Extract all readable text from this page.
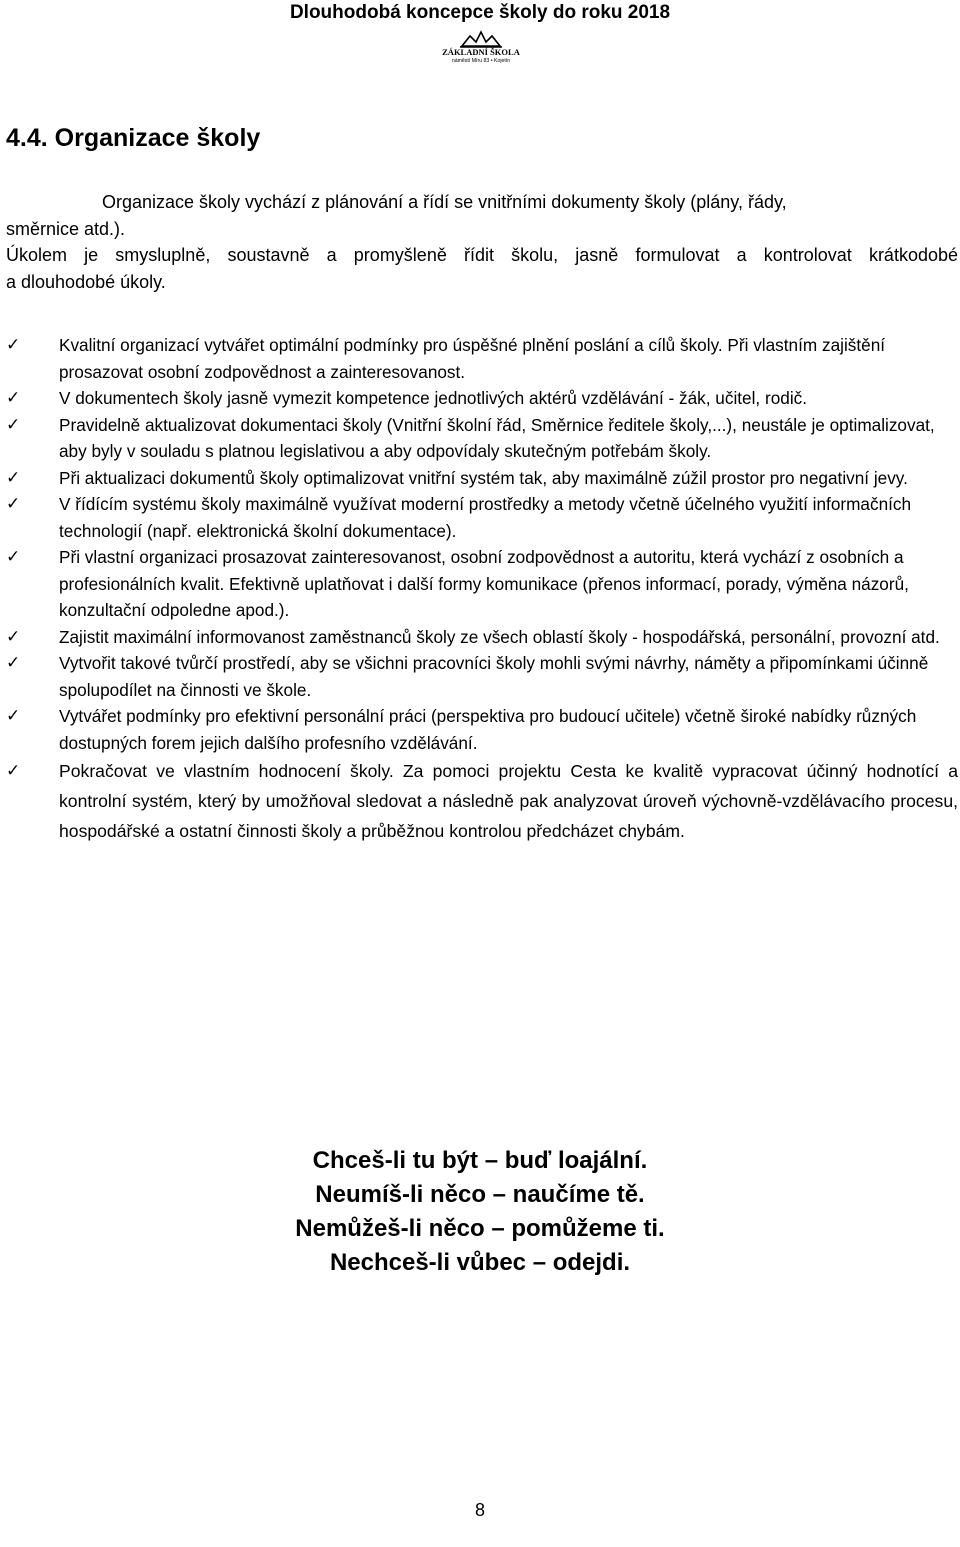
Dlouhodobá koncepce školy do roku 2018
ZÁKLADNÍ ŠKOLA
náměstí Míru 83 • Kojetín
4.4. Organizace školy

Organizace školy vychází z plánování a řídí se vnitřními dokumenty školy (plány, řády,

směrnice atd.).

Úkolem je smysluplně, soustavně a promyšleně řídit školu, jasně formulovat a kontrolovat krátkodobé

a dlouhodobé úkoly.

✓ Kvalitní organizací vytvářet optimální podmínky pro úspěšné plnění poslání a cílů školy. Při vlastním zajištění prosazovat osobní zodpovědnost a zainteresovanost.
✓ V dokumentech školy jasně vymezit kompetence jednotlivých aktérů vzdělávání - žák, učitel, rodič.
✓ Pravidelně aktualizovat dokumentaci školy (Vnitřní školní řád, Směrnice ředitele školy,...), neustále je optimalizovat, aby byly v souladu s platnou legislativou a aby odpovídaly skutečným potřebám školy.
✓ Při aktualizaci dokumentů školy optimalizovat vnitřní systém tak, aby maximálně zúžil prostor pro negativní jevy.
✓ V řídícím systému školy maximálně využívat moderní prostředky a metody včetně účelného využití informačních technologií (např. elektronická školní dokumentace).
✓ Při vlastní organizaci prosazovat zainteresovanost, osobní zodpovědnost a autoritu, která vychází z osobních a profesionálních kvalit. Efektivně uplatňovat i další formy komunikace (přenos informací, porady, výměna názorů, konzultační odpoledne apod.).
✓ Zajistit maximální informovanost zaměstnanců školy ze všech oblastí školy - hospodářská, personální, provozní atd.
✓ Vytvořit takové tvůrčí prostředí, aby se všichni pracovníci školy mohli svými návrhy, náměty a připomínkami účinně spolupodílet na činnosti ve škole.
✓ Vytvářet podmínky pro efektivní personální práci (perspektiva pro budoucí učitele) včetně široké nabídky různých dostupných forem jejich dalšího profesního vzdělávání.
✓ Pokračovat ve vlastním hodnocení školy. Za pomoci projektu Cesta ke kvalitě vypracovat účinný hodnotící a kontrolní systém, který by umožňoval sledovat a následně pak analyzovat úroveň výchovně-vzdělávacího procesu, hospodářské a ostatní činnosti školy a průběžnou kontrolou předcházet chybám.
Chceš-li tu být – buď loajální.
Neumíš-li něco – naučíme tě.
Nemůžeš-li něco – pomůžeme ti.
Nechceš-li vůbec – odejdi.
8
